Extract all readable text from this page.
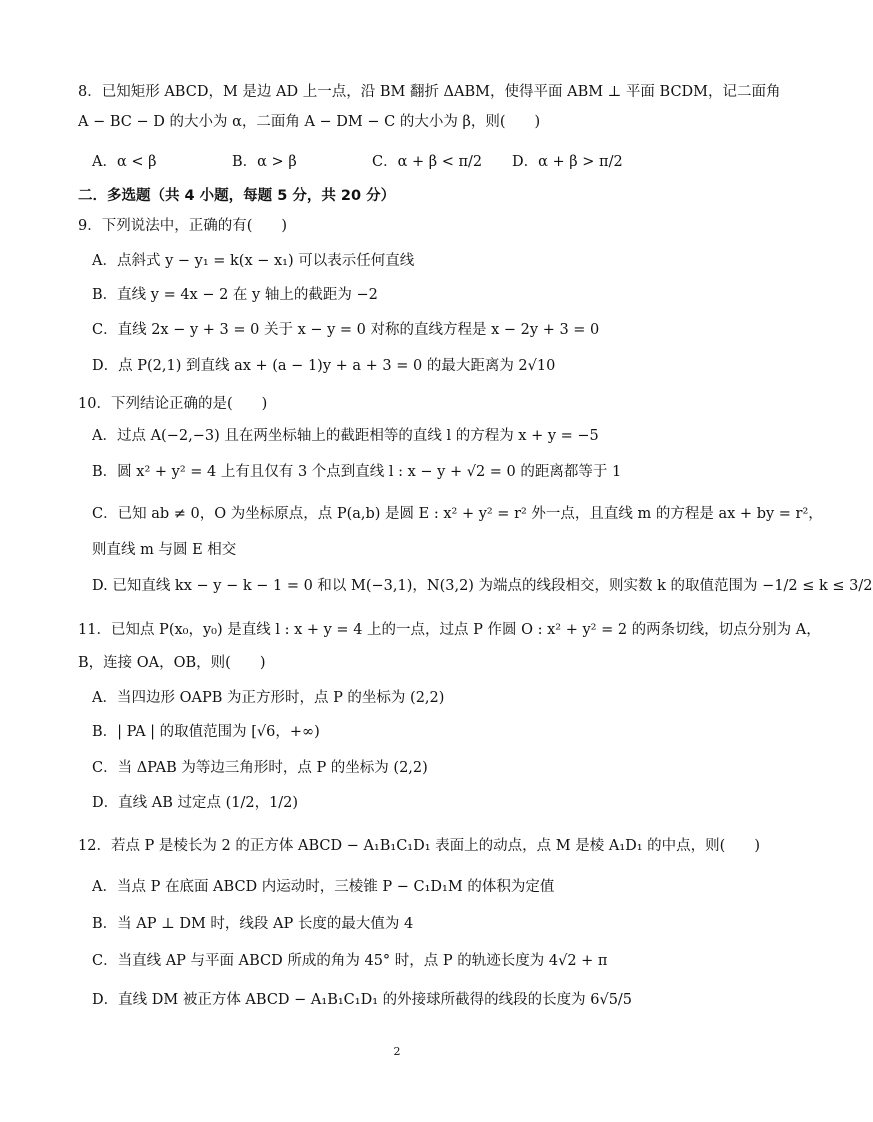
8．已知矩形 ABCD，M 是边 AD 上一点，沿 BM 翻折 ΔABM，使得平面 ABM ⊥ 平面 BCDM，记二面角
A − BC − D 的大小为 α，二面角 A − DM − C 的大小为 β，则(　　)
A．α < β	B．α > β	C．α + β < π/2 D．α + β > π/2
二．多选题（共 4 小题，每题 5 分，共 20 分）
9．下列说法中，正确的有(　　)
A．点斜式 y − y₁ = k(x − x₁) 可以表示任何直线
B．直线 y = 4x − 2 在 y 轴上的截距为 −2
C．直线 2x − y + 3 = 0 关于 x − y = 0 对称的直线方程是 x − 2y + 3 = 0
D．点 P(2,1) 到直线 ax + (a − 1)y + a + 3 = 0 的最大距离为 2√10
10．下列结论正确的是(　　)
A．过点 A(−2,−3) 且在两坐标轴上的截距相等的直线 l 的方程为 x + y = −5
B．圆 x² + y² = 4 上有且仅有 3 个点到直线 l : x − y + √2 = 0 的距离都等于 1
C．已知 ab ≠ 0，O 为坐标原点，点 P(a,b) 是圆 E : x² + y² = r² 外一点，且直线 m 的方程是 ax + by = r²，
则直线 m 与圆 E 相交
D. 已知直线 kx − y − k − 1 = 0 和以 M(−3,1)，N(3,2) 为端点的线段相交，则实数 k 的取值范围为 −1/2 ≤ k ≤ 3/2
11．已知点 P(x₀，y₀) 是直线 l : x + y = 4 上的一点，过点 P 作圆 O : x² + y² = 2 的两条切线，切点分别为 A，
B，连接 OA，OB，则(　　)
A．当四边形 OAPB 为正方形时，点 P 的坐标为 (2,2)
B．| PA | 的取值范围为 [√6，+∞)
C．当 ΔPAB 为等边三角形时，点 P 的坐标为 (2,2)
D．直线 AB 过定点 (1/2，1/2)
12．若点 P 是棱长为 2 的正方体 ABCD − A₁B₁C₁D₁ 表面上的动点，点 M 是棱 A₁D₁ 的中点，则(　　)
A．当点 P 在底面 ABCD 内运动时，三棱锥 P − C₁D₁M 的体积为定值
B．当 AP ⊥ DM 时，线段 AP 长度的最大值为 4
C．当直线 AP 与平面 ABCD 所成的角为 45° 时，点 P 的轨迹长度为 4√2 + π
D．直线 DM 被正方体 ABCD − A₁B₁C₁D₁ 的外接球所截得的线段的长度为 6√5/5
2
